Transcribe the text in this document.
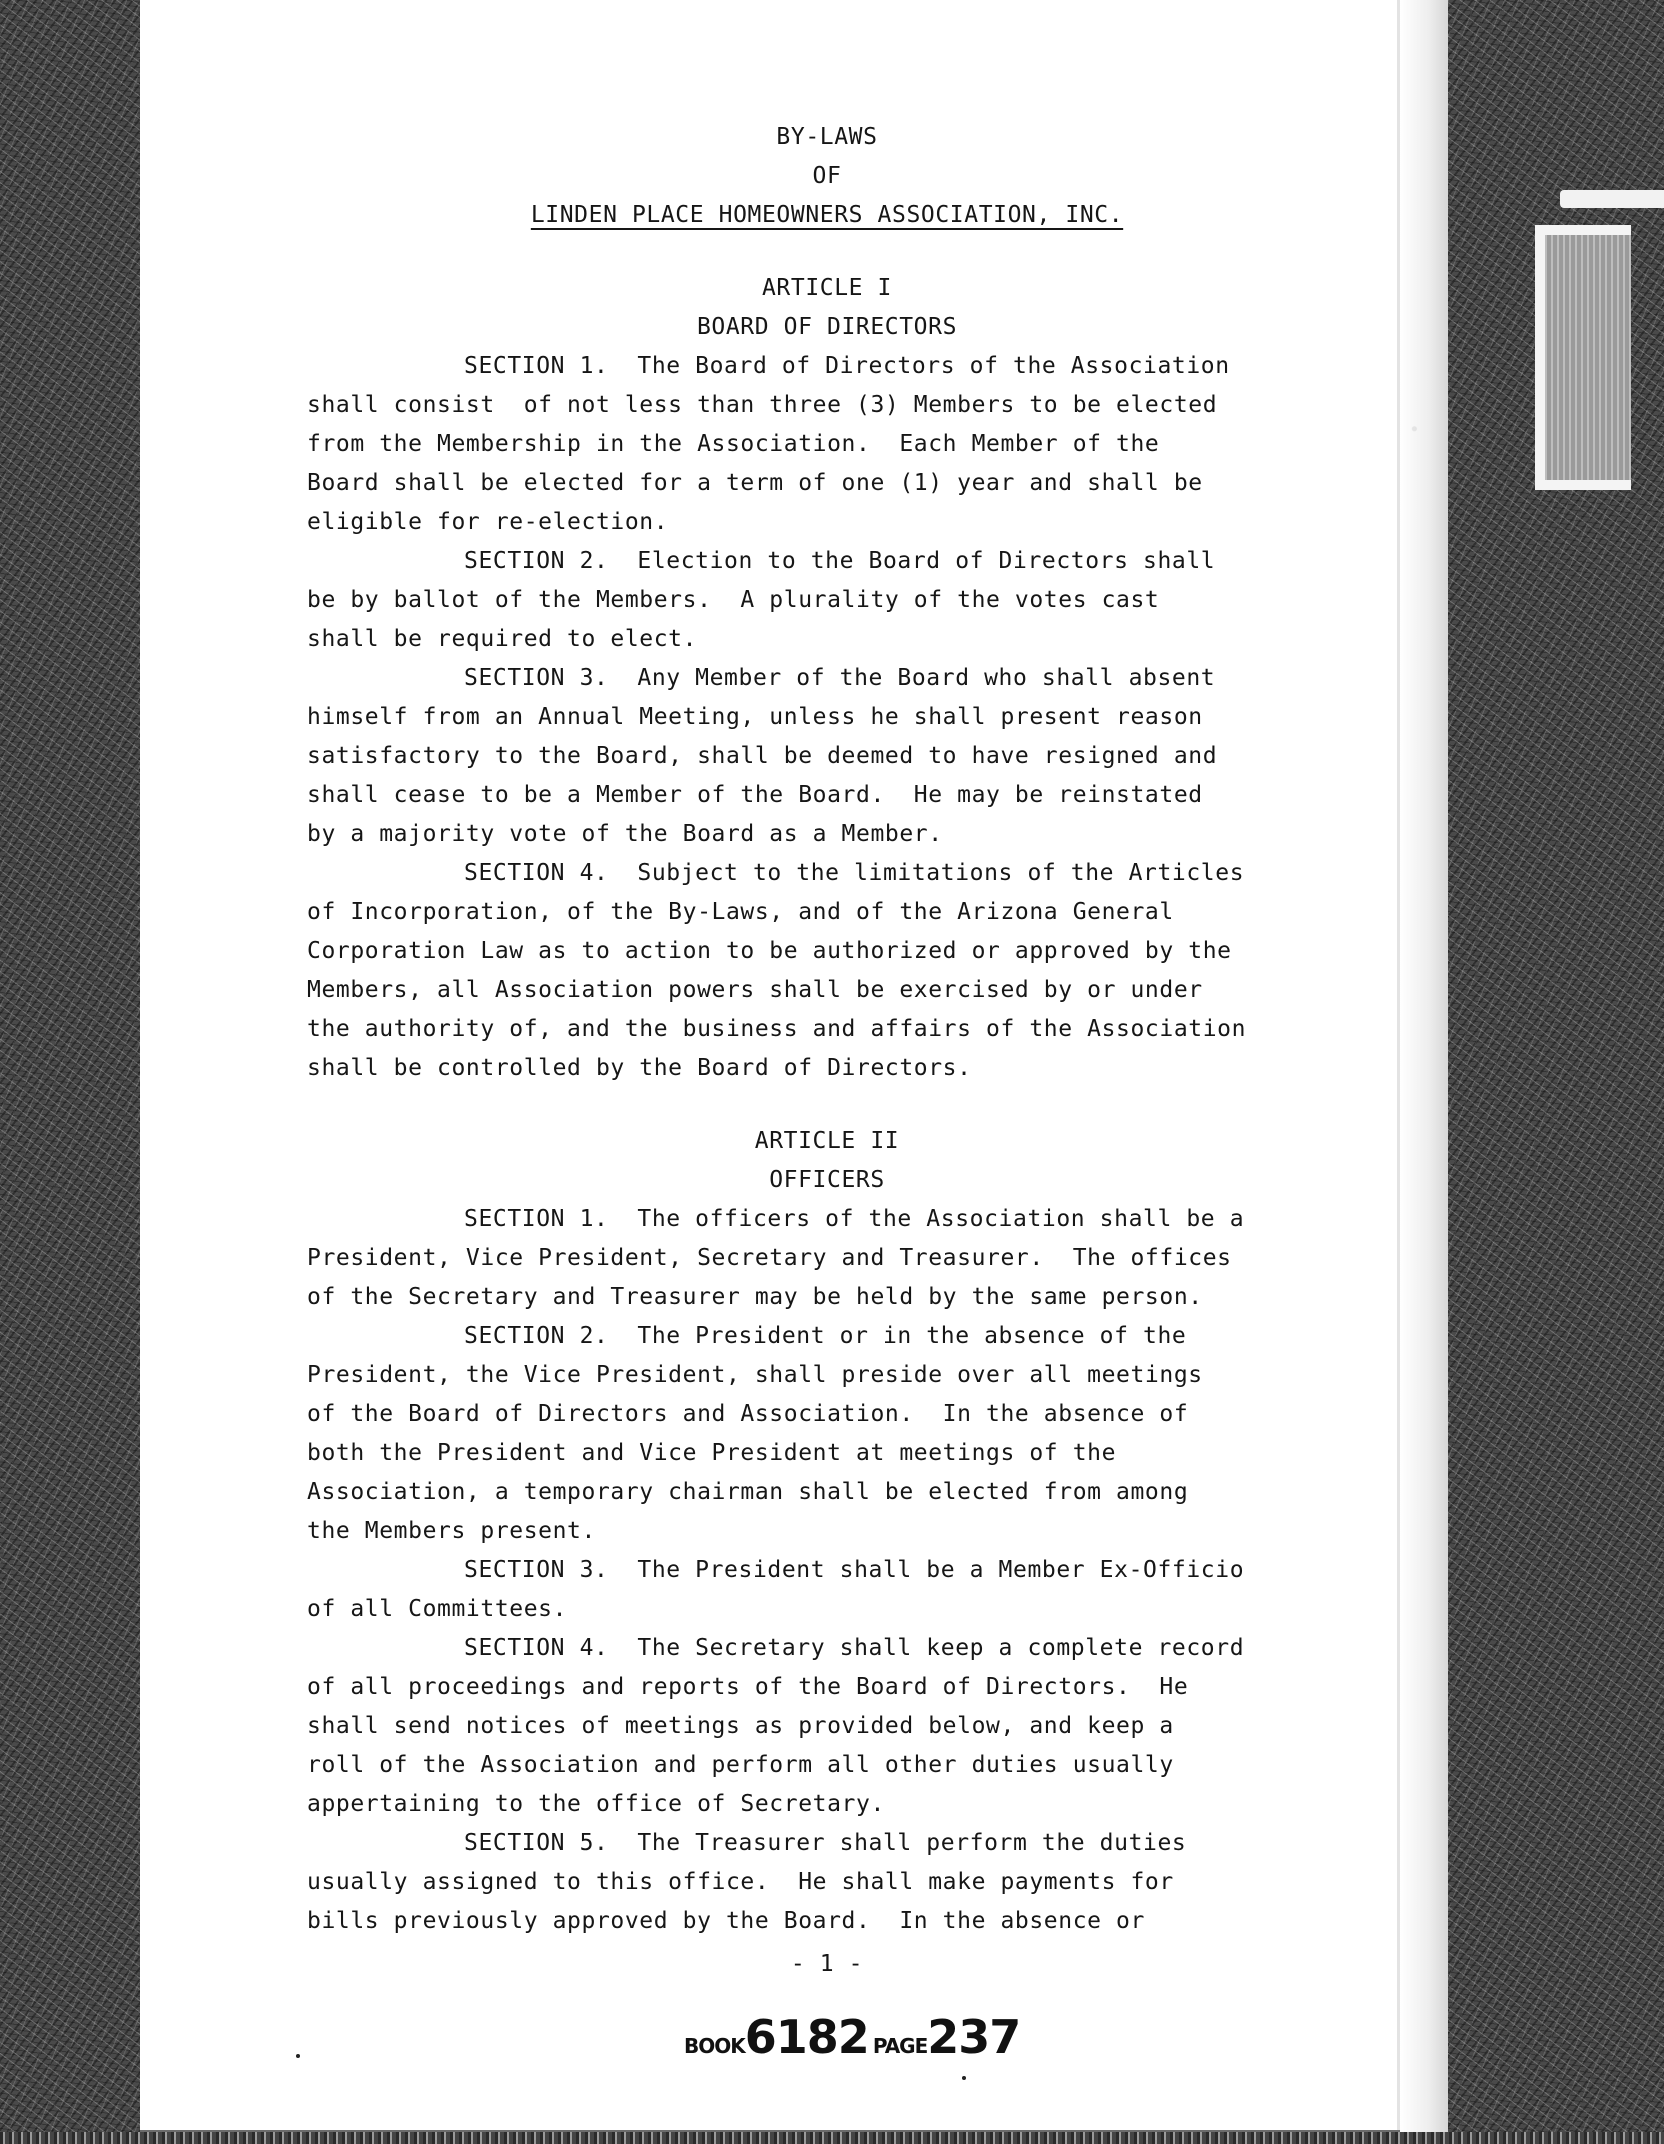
BY-LAWS
OF
LINDEN PLACE HOMEOWNERS ASSOCIATION, INC.
ARTICLE I
BOARD OF DIRECTORS
SECTION 1.  The Board of Directors of the Association
shall consist  of not less than three (3) Members to be elected
from the Membership in the Association.  Each Member of the
Board shall be elected for a term of one (1) year and shall be
eligible for re-election.
SECTION 2.  Election to the Board of Directors shall
be by ballot of the Members.  A plurality of the votes cast
shall be required to elect.
SECTION 3.  Any Member of the Board who shall absent
himself from an Annual Meeting, unless he shall present reason
satisfactory to the Board, shall be deemed to have resigned and
shall cease to be a Member of the Board.  He may be reinstated
by a majority vote of the Board as a Member.
SECTION 4.  Subject to the limitations of the Articles
of Incorporation, of the By-Laws, and of the Arizona General
Corporation Law as to action to be authorized or approved by the
Members, all Association powers shall be exercised by or under
the authority of, and the business and affairs of the Association
shall be controlled by the Board of Directors.
ARTICLE II
OFFICERS
SECTION 1.  The officers of the Association shall be a
President, Vice President, Secretary and Treasurer.  The offices
of the Secretary and Treasurer may be held by the same person.
SECTION 2.  The President or in the absence of the
President, the Vice President, shall preside over all meetings
of the Board of Directors and Association.  In the absence of
both the President and Vice President at meetings of the
Association, a temporary chairman shall be elected from among
the Members present.
SECTION 3.  The President shall be a Member Ex-Officio
of all Committees.
SECTION 4.  The Secretary shall keep a complete record
of all proceedings and reports of the Board of Directors.  He
shall send notices of meetings as provided below, and keep a
roll of the Association and perform all other duties usually
appertaining to the office of Secretary.
SECTION 5.  The Treasurer shall perform the duties
usually assigned to this office.  He shall make payments for
bills previously approved by the Board.  In the absence or
- 1 -
BOOK6182 PAGE237
